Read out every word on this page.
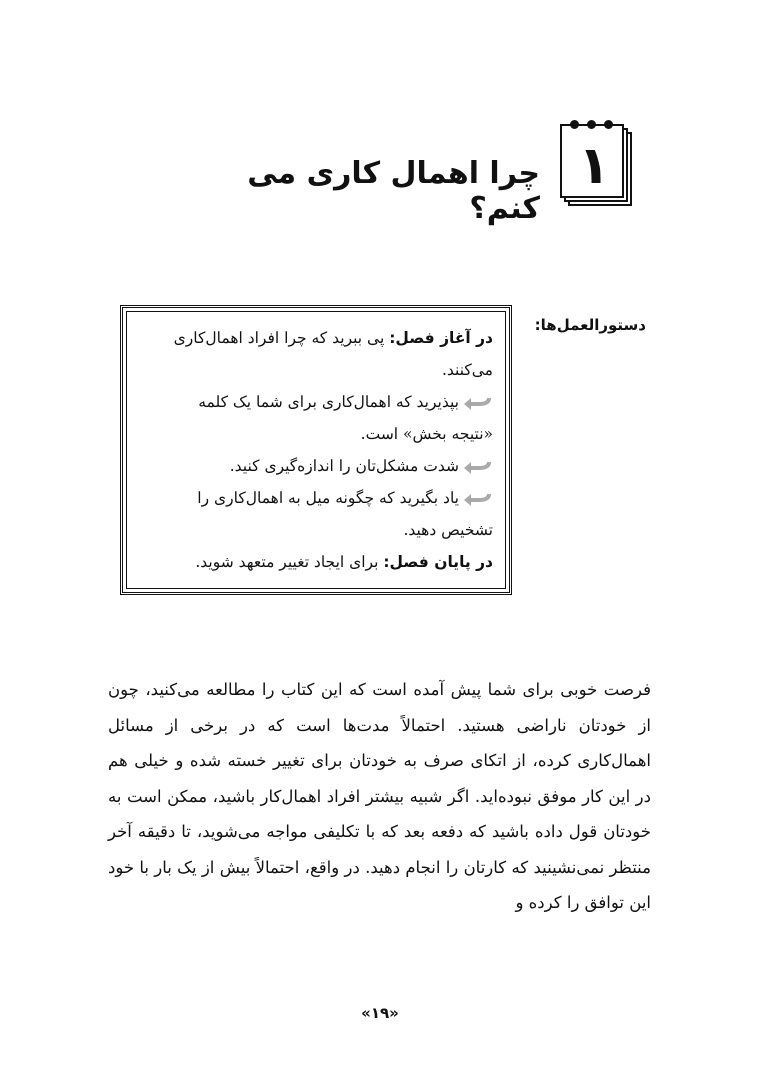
۱
چرا اهمال کاری می کنم؟
دستورالعمل‌ها:
در آغاز فصل: پی ببرید که چرا افراد اهمال‌کاری
می‌کنند.
بپذیرید که اهمال‌کاری برای شما یک کلمه
«نتیجه بخش» است.
شدت مشکل‌تان را اندازه‌گیری کنید.
یاد بگیرید که چگونه میل به اهمال‌کاری را
تشخیص دهید.
در پایان فصل: برای ایجاد تغییر متعهد شوید.
فرصت خوبی برای شما پیش آمده است که این کتاب را مطالعه می‌کنید، چون از خودتان ناراضی هستید. احتمالاً مدت‌ها است که در برخی از مسائل اهمال‌کاری کرده، از اتکای صرف به خودتان برای تغییر خسته شده و خیلی هم در این کار موفق نبوده‌اید. اگر شبیه بیشتر افراد اهمال‌کار باشید، ممکن است به خودتان قول داده باشید که دفعه بعد که با تکلیفی مواجه می‌شوید، تا دقیقه آخر منتظر نمی‌نشینید که کارتان را انجام دهید. در واقع، احتمالاً بیش از یک بار با خود این توافق را کرده و
«۱۹»
